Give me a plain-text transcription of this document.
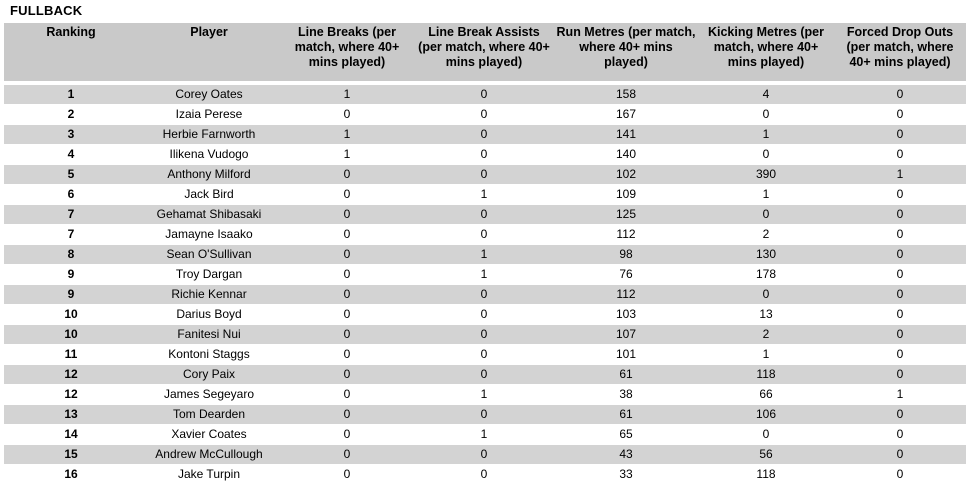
FULLBACK
Ranking	Player	Line Breaks (per match, where 40+ mins played)	Line Break Assists (per match, where 40+ mins played)	Run Metres (per match, where 40+ mins played)	Kicking Metres (per match, where 40+ mins played)	Forced Drop Outs (per match, where 40+ mins played)

1	Corey Oates	1	0	158	4	0
2	Izaia Perese	0	0	167	0	0
3	Herbie Farnworth	1	0	141	1	0
4	Ilikena Vudogo	1	0	140	0	0
5	Anthony Milford	0	0	102	390	1
6	Jack Bird	0	1	109	1	0
7	Gehamat Shibasaki	0	0	125	0	0
7	Jamayne Isaako	0	0	112	2	0
8	Sean O'Sullivan	0	1	98	130	0
9	Troy Dargan	0	1	76	178	0
9	Richie Kennar	0	0	112	0	0
10	Darius Boyd	0	0	103	13	0
10	Fanitesi Nui	0	0	107	2	0
11	Kontoni Staggs	0	0	101	1	0
12	Cory Paix	0	0	61	118	0
12	James Segeyaro	0	1	38	66	1
13	Tom Dearden	0	0	61	106	0
14	Xavier Coates	0	1	65	0	0
15	Andrew McCullough	0	0	43	56	0
16	Jake Turpin	0	0	33	118	0
